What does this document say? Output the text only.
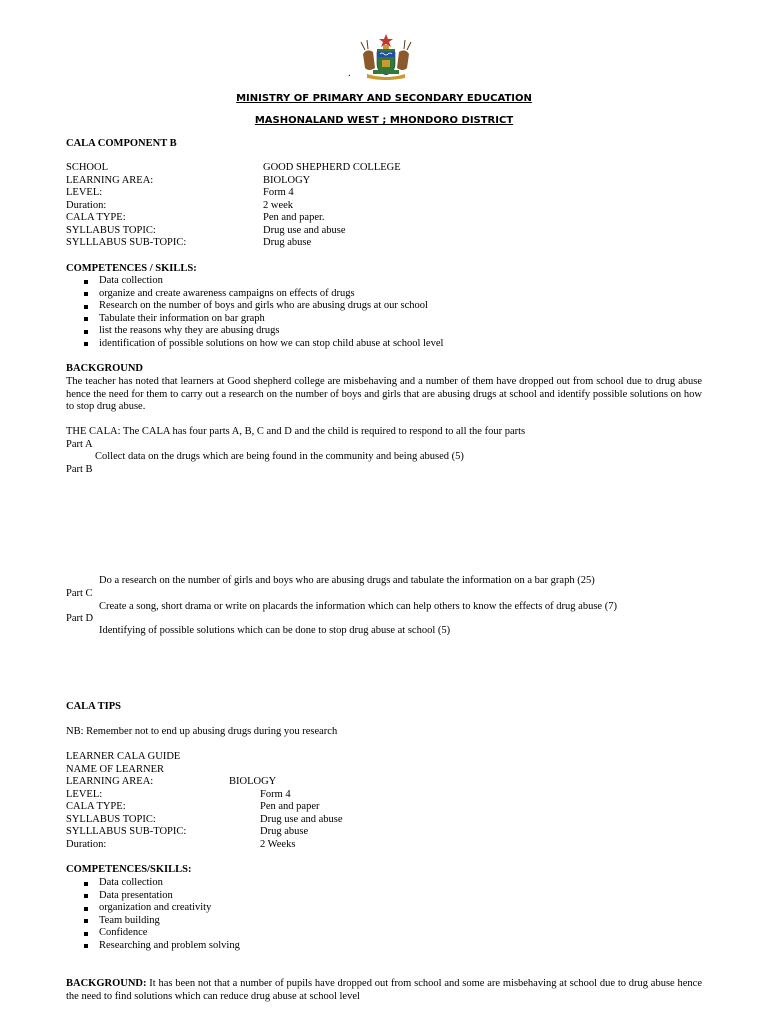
.
MINISTRY OF PRIMARY AND SECONDARY EDUCATION
MASHONALAND WEST ; MHONDORO DISTRICT
CALA COMPONENT B
SCHOOL	GOOD SHEPHERD COLLEGE
LEARNING AREA:	BIOLOGY
LEVEL:	Form 4
Duration:	2 week
CALA TYPE:	Pen and paper.
SYLLABUS TOPIC:	Drug use and abuse
SYLLLABUS SUB-TOPIC:	Drug abuse
COMPETENCES / SKILLS:
Data collection
organize and create awareness campaigns on effects of drugs
Research on the number of boys and girls who are abusing drugs at our school
Tabulate their information on bar graph
list the reasons why they are abusing drugs
identification of possible solutions on how we can stop child abuse at school level
BACKGROUND
The teacher has noted that learners at Good shepherd college are misbehaving and a number of them have dropped out from school due to drug abuse hence the need for them to carry out a research on the number of boys and girls that are abusing drugs at school and identify possible solutions on how to stop drug abuse.
THE CALA: The CALA has four parts A, B, C and D and the child is required to respond to all the four parts
Part A
Collect data on the drugs which are being found in the community and being abused (5)
Part B
Do a research on the number of girls and boys who are abusing drugs and tabulate the information on a bar graph (25)
Part C
Create a song, short drama or write on placards the information which can help others to know the effects of drug abuse (7)
Part D
Identifying of possible solutions which can be done to stop drug abuse at school (5)
CALA TIPS
NB: Remember not to end up abusing drugs during you research
LEARNER CALA GUIDE
NAME OF LEARNER
LEARNING AREA:	BIOLOGY
LEVEL:	Form 4
CALA TYPE:	Pen and paper
SYLLABUS TOPIC:	Drug use and abuse
SYLLLABUS SUB-TOPIC:	Drug abuse
Duration:	2 Weeks
COMPETENCES/SKILLS:
Data collection
Data presentation
organization and creativity
Team building
Confidence
Researching and problem solving
BACKGROUND: It has been not that a number of pupils have dropped out from school and some are misbehaving at school due to drug abuse hence the need to find solutions which can reduce drug abuse at school level
